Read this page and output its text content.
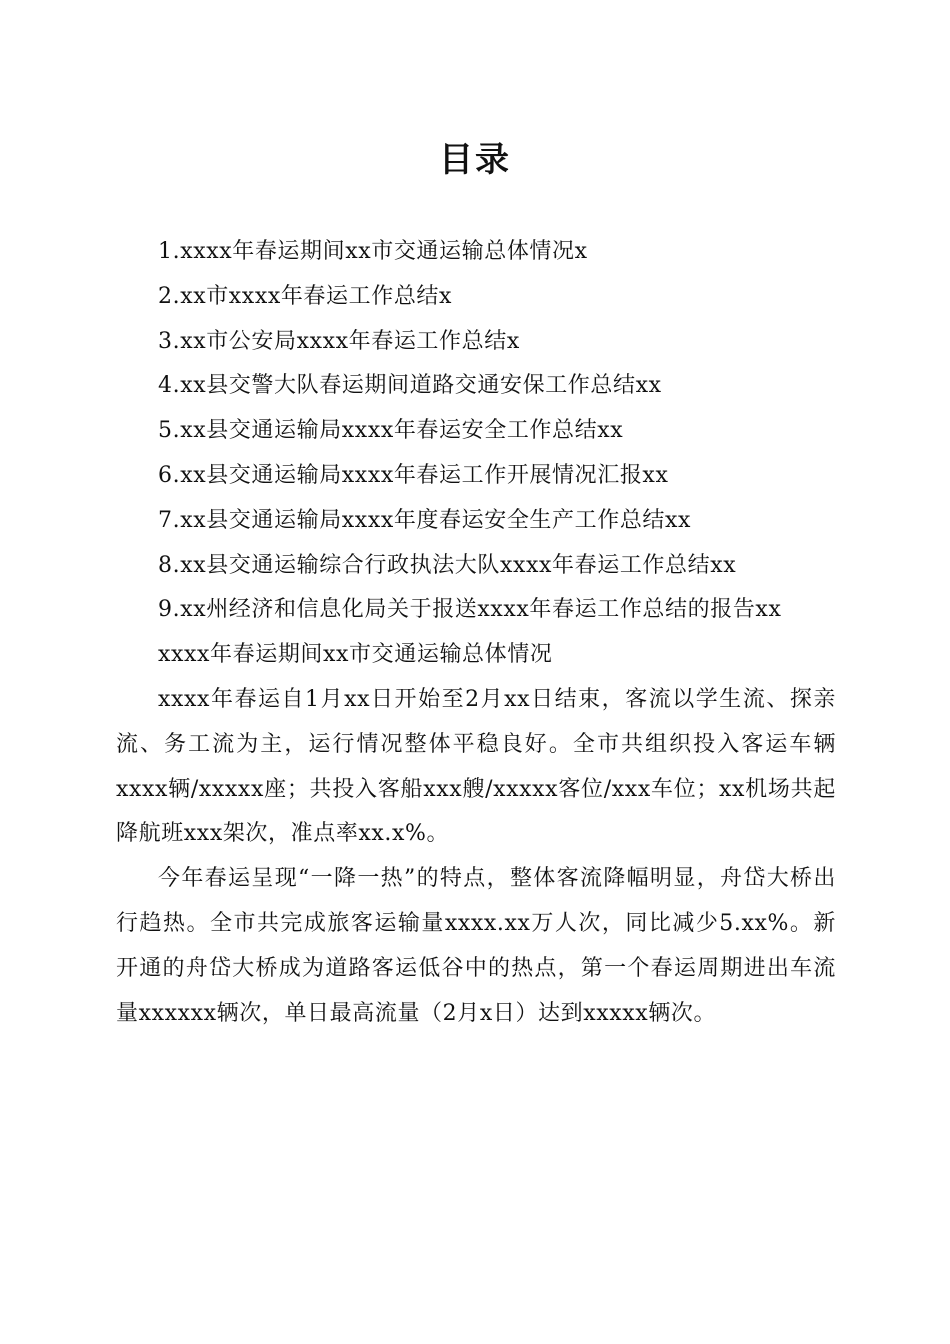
目录
1.xxxx年春运期间xx市交通运输总体情况x
2.xx市xxxx年春运工作总结x
3.xx市公安局xxxx年春运工作总结x
4.xx县交警大队春运期间道路交通安保工作总结xx
5.xx县交通运输局xxxx年春运安全工作总结xx
6.xx县交通运输局xxxx年春运工作开展情况汇报xx
7.xx县交通运输局xxxx年度春运安全生产工作总结xx
8.xx县交通运输综合行政执法大队xxxx年春运工作总结xx
9.xx州经济和信息化局关于报送xxxx年春运工作总结的报告xx

xxxx年春运期间xx市交通运输总体情况

xxxx年春运自1月xx日开始至2月xx日结束，客流以学生流、探亲流、务工流为主，运行情况整体平稳良好。全市共组织投入客运车辆xxxx辆/xxxxx座；共投入客船xxx艘/xxxxx客位/xxx车位；xx机场共起降航班xxx架次，准点率xx.x%。

今年春运呈现“一降一热”的特点，整体客流降幅明显，舟岱大桥出行趋热。全市共完成旅客运输量xxxx.xx万人次，同比减少5.xx%。新开通的舟岱大桥成为道路客运低谷中的热点，第一个春运周期进出车流量xxxxxx辆次，单日最高流量（2月x日）达到xxxxx辆次。
